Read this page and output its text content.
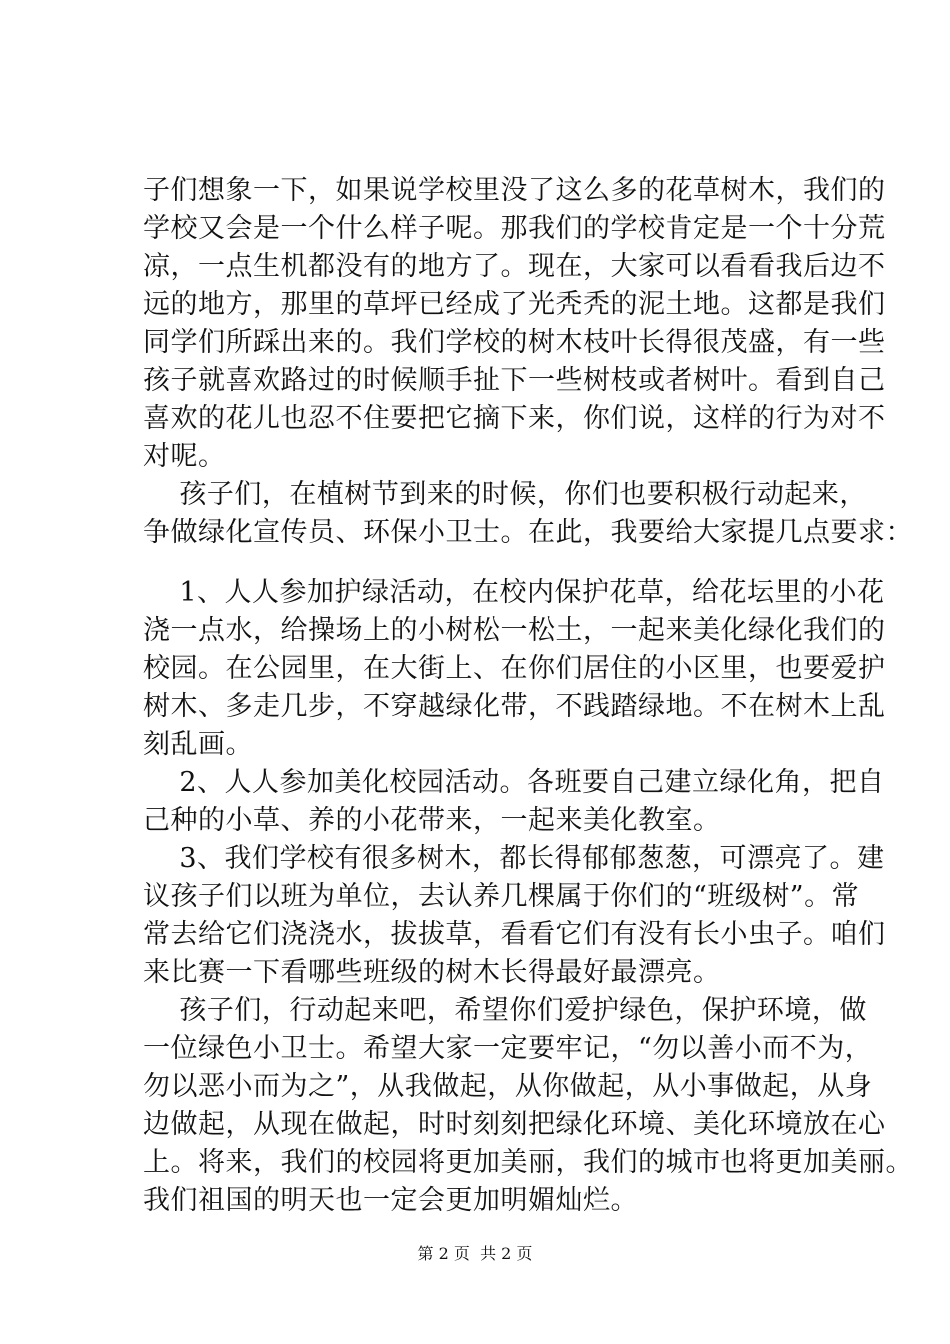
子们想象一下，如果说学校里没了这么多的花草树木，我们的
学校又会是一个什么样子呢。那我们的学校肯定是一个十分荒
凉，一点生机都没有的地方了。现在，大家可以看看我后边不
远的地方，那里的草坪已经成了光秃秃的泥土地。这都是我们
同学们所踩出来的。我们学校的树木枝叶长得很茂盛，有一些
孩子就喜欢路过的时候顺手扯下一些树枝或者树叶。看到自己
喜欢的花儿也忍不住要把它摘下来，你们说，这样的行为对不
对呢。
孩子们，在植树节到来的时候，你们也要积极行动起来，
争做绿化宣传员、环保小卫士。在此，我要给大家提几点要求：
1、人人参加护绿活动，在校内保护花草，给花坛里的小花
浇一点水，给操场上的小树松一松土，一起来美化绿化我们的
校园。在公园里，在大街上、在你们居住的小区里，也要爱护
树木、多走几步，不穿越绿化带，不践踏绿地。不在树木上乱
刻乱画。
2、人人参加美化校园活动。各班要自己建立绿化角，把自
己种的小草、养的小花带来，一起来美化教室。
3、我们学校有很多树木，都长得郁郁葱葱，可漂亮了。建
议孩子们以班为单位，去认养几棵属于你们的“班级树”。常
常去给它们浇浇水，拔拔草，看看它们有没有长小虫子。咱们
来比赛一下看哪些班级的树木长得最好最漂亮。
孩子们，行动起来吧，希望你们爱护绿色，保护环境，做
一位绿色小卫士。希望大家一定要牢记，“勿以善小而不为，
勿以恶小而为之”，从我做起，从你做起，从小事做起，从身
边做起，从现在做起，时时刻刻把绿化环境、美化环境放在心
上。将来，我们的校园将更加美丽，我们的城市也将更加美丽。
我们祖国的明天也一定会更加明媚灿烂。
第 2 页  共 2 页
